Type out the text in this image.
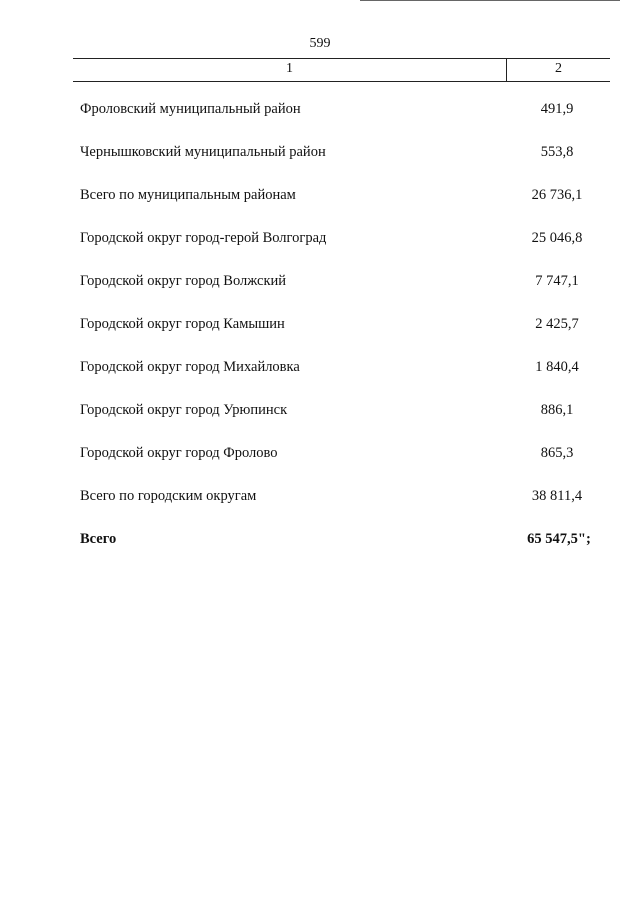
599
1	2
Фроловский муниципальный район	491,9
Чернышковский муниципальный район	553,8
Всего по муниципальным районам	26 736,1
Городской округ город-герой Волгоград	25 046,8
Городской округ город Волжский	7 747,1
Городской округ город Камышин	2 425,7
Городской округ город Михайловка	1 840,4
Городской округ город Урюпинск	886,1
Городской округ город Фролово	865,3
Всего по городским округам	38 811,4
Всего	65 547,5";
